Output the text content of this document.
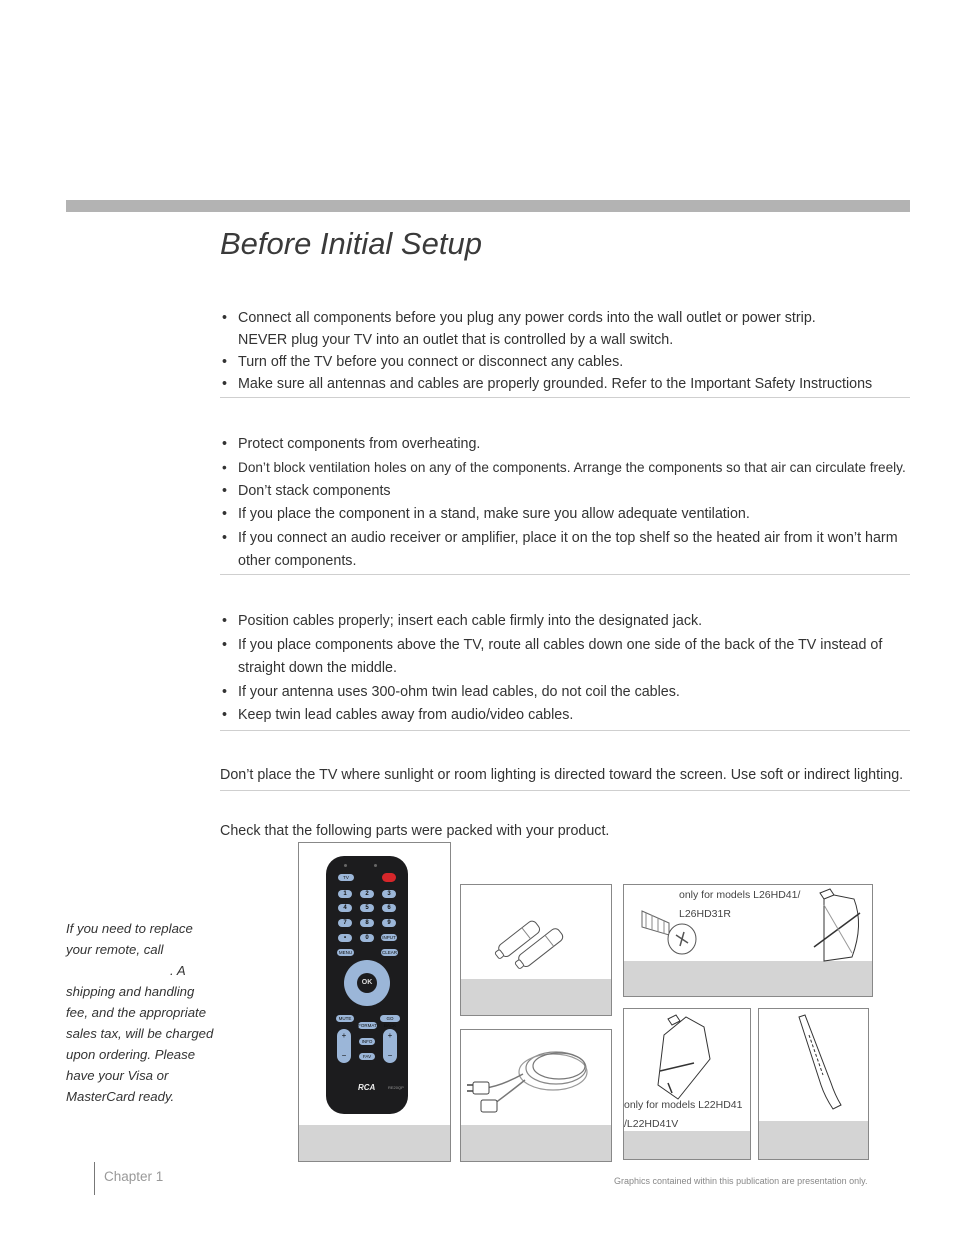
Before Initial Setup
• Connect all components before you plug any power cords into the wall outlet or power strip.
NEVER plug your TV into an outlet that is controlled by a wall switch.
• Turn off the TV before you connect or disconnect any cables.
• Make sure all antennas and cables are properly grounded. Refer to the Important Safety Instructions
• Protect components from overheating.
• Don’t block ventilation holes on any of the components. Arrange the components so that air can circulate freely.
• Don’t stack components
• If you place the component in a stand, make sure you allow adequate ventilation.
• If you connect an audio receiver or amplifier, place it on the top shelf so the heated air from it won’t harm
other components.
• Position cables properly; insert each cable firmly into the designated jack.
• If you place components above the TV, route all cables down one side of the back of the TV instead of
straight down the middle.
• If your antenna uses 300-ohm twin lead cables, do not coil the cables.
• Keep twin lead cables away from audio/video cables.
Don’t place the TV where sunlight or room lighting is directed toward the screen. Use soft or indirect lighting.
Check that the following parts were packed with your product.
If you need to replace
your remote, call
. A
shipping and handling
fee, and the appropriate
sales tax, will be charged
upon ordering. Please
have your Visa or
MasterCard ready.
TV
1	2	3
4	5	6
7	8	9
•	0	INPUT
MENU	CLEAR
OK
MUTE	GO BACK
FORMAT
+

−
+

−
VOL	CH
INFO
FAV
RCA	RE20QP
only for models L26HD41/
L26HD31R
only for models L22HD41
/L22HD41V
Chapter 1	Graphics contained within this publication are presentation only.
